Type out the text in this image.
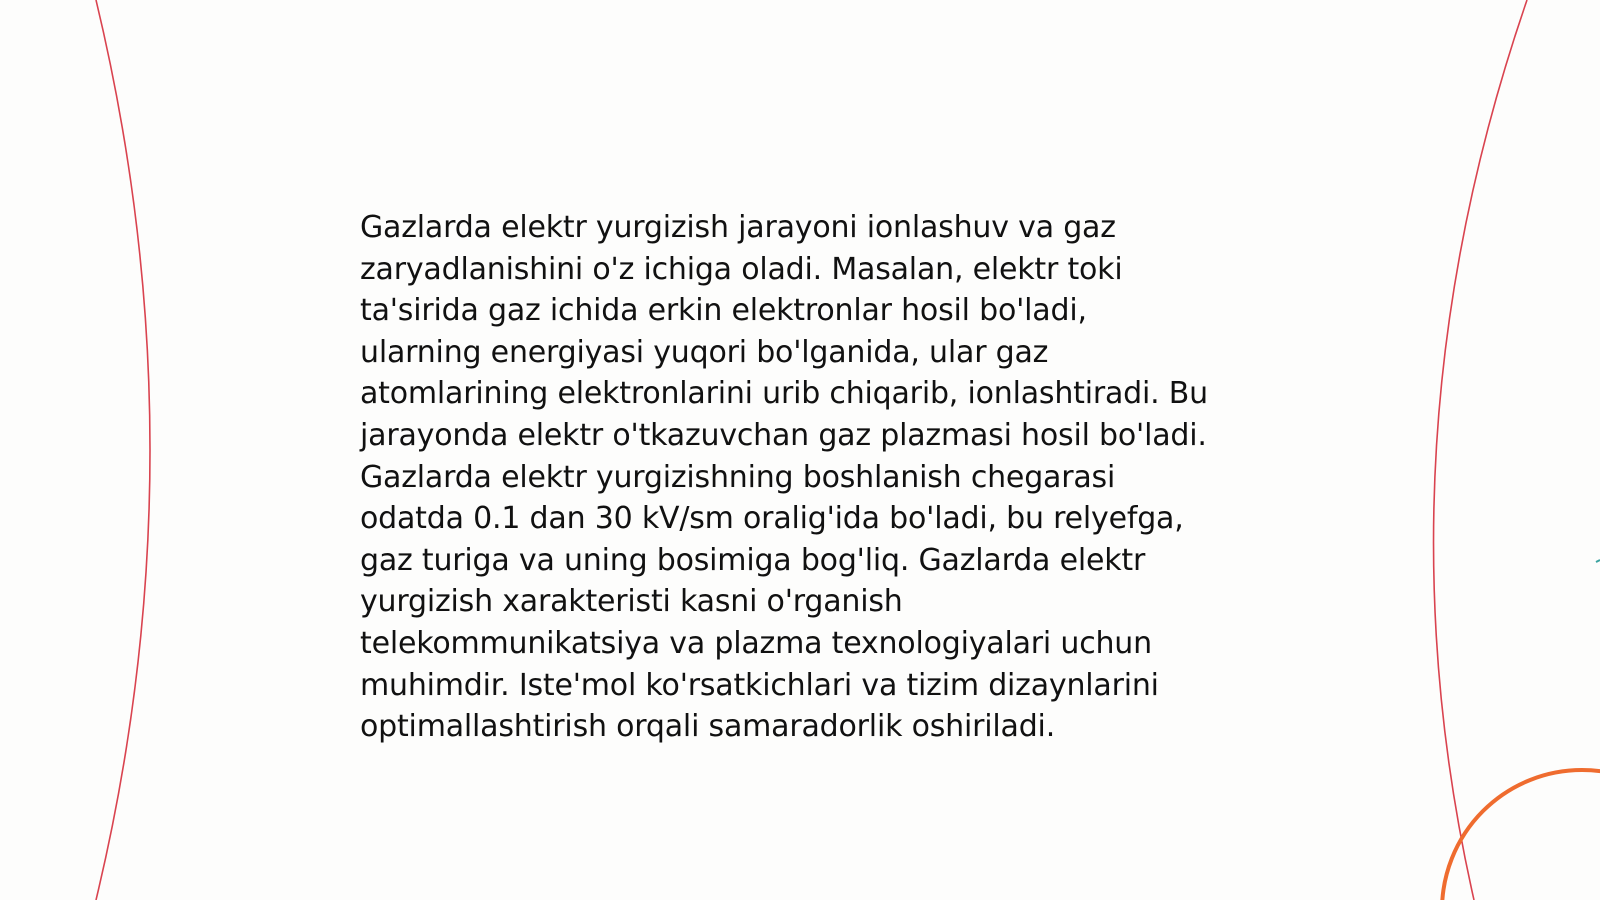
Gazlarda elektr yurgizish jarayoni ionlashuv va gaz zaryadlanishini o'z ichiga oladi. Masalan, elektr toki ta'sirida gaz ichida erkin elektronlar hosil bo'ladi, ularning energiyasi yuqori bo'lganida, ular gaz atomlarining elektronlarini urib chiqarib, ionlashtiradi. Bu jarayonda elektr o'tkazuvchan gaz plazmasi hosil bo'ladi. Gazlarda elektr yurgizishning boshlanish chegarasi odatda 0.1 dan 30 kV/sm oralig'ida bo'ladi, bu relyefga, gaz turiga va uning bosimiga bog'liq. Gazlarda elektr yurgizish xarakteristi kasni o'rganish telekommunikatsiya va plazma texnologiyalari uchun muhimdir. Iste'mol ko'rsatkichlari va tizim dizaynlarini optimallashtirish orqali samaradorlik oshiriladi.
